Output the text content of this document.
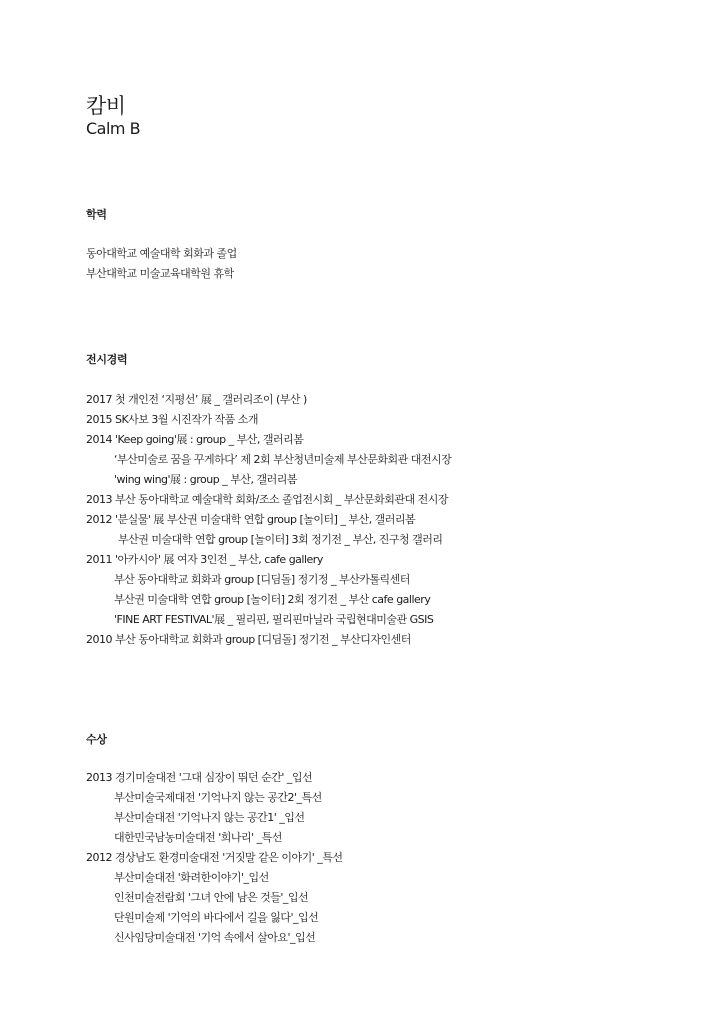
캄비
Calm B
학력
동아대학교 예술대학 회화과 졸업
부산대학교 미술교육대학원 휴학
전시경력
2017 첫 개인전 ‘지평선’ 展 _ 갤러리조이 (부산 )
2015 SK사보 3월 시진작가 작품 소개
2014 'Keep going'展 : group _ 부산, 갤러리봄
‘부산미술로 꿈을 꾸게하다’ 제 2회 부산청년미술제 부산문화회관 대전시장
'wing wing'展 : group _ 부산, 갤러리봄
2013 부산 동아대학교 예술대학 회화/조소 졸업전시회 _ 부산문화회관대 전시장
2012 '분실물' 展 부산권 미술대학 연합 group [놀이터] _ 부산, 갤러리봄
부산권 미술대학 연합 group [놀이터] 3회 정기전 _ 부산, 진구청 갤러리
2011 '아카시아' 展 여자 3인전 _ 부산, cafe gallery
부산 동아대학교 회화과 group [디딤돌] 정기정 _ 부산카톨릭센터
부산권 미술대학 연합 group [놀이터] 2회 정기전 _ 부산 cafe gallery
'FINE ART FESTIVAL'展 _ 필리핀, 필리핀마닐라 국립현대미술관 GSIS
2010 부산 동아대학교 회화과 group [디딤돌] 정기전 _ 부산디자인센터
수상
2013 경기미술대전 '그대 심장이 뛰던 순간' _입선
부산미술국제대전 '기억나지 않는 공간2'_특선
부산미술대전 '기억나지 않는 공간1' _입선
대한민국남농미술대전 '희나리' _특선
2012 경상남도 환경미술대전 '거짓말 같은 이야기' _특선
부산미술대전 '화려한이야기'_입선
인천미술전람회 '그녀 안에 남은 것들'_입선
단원미술제 '기억의 바다에서 길을 잃다'_입선
신사임당미술대전 '기억 속에서 살아요'_입선
